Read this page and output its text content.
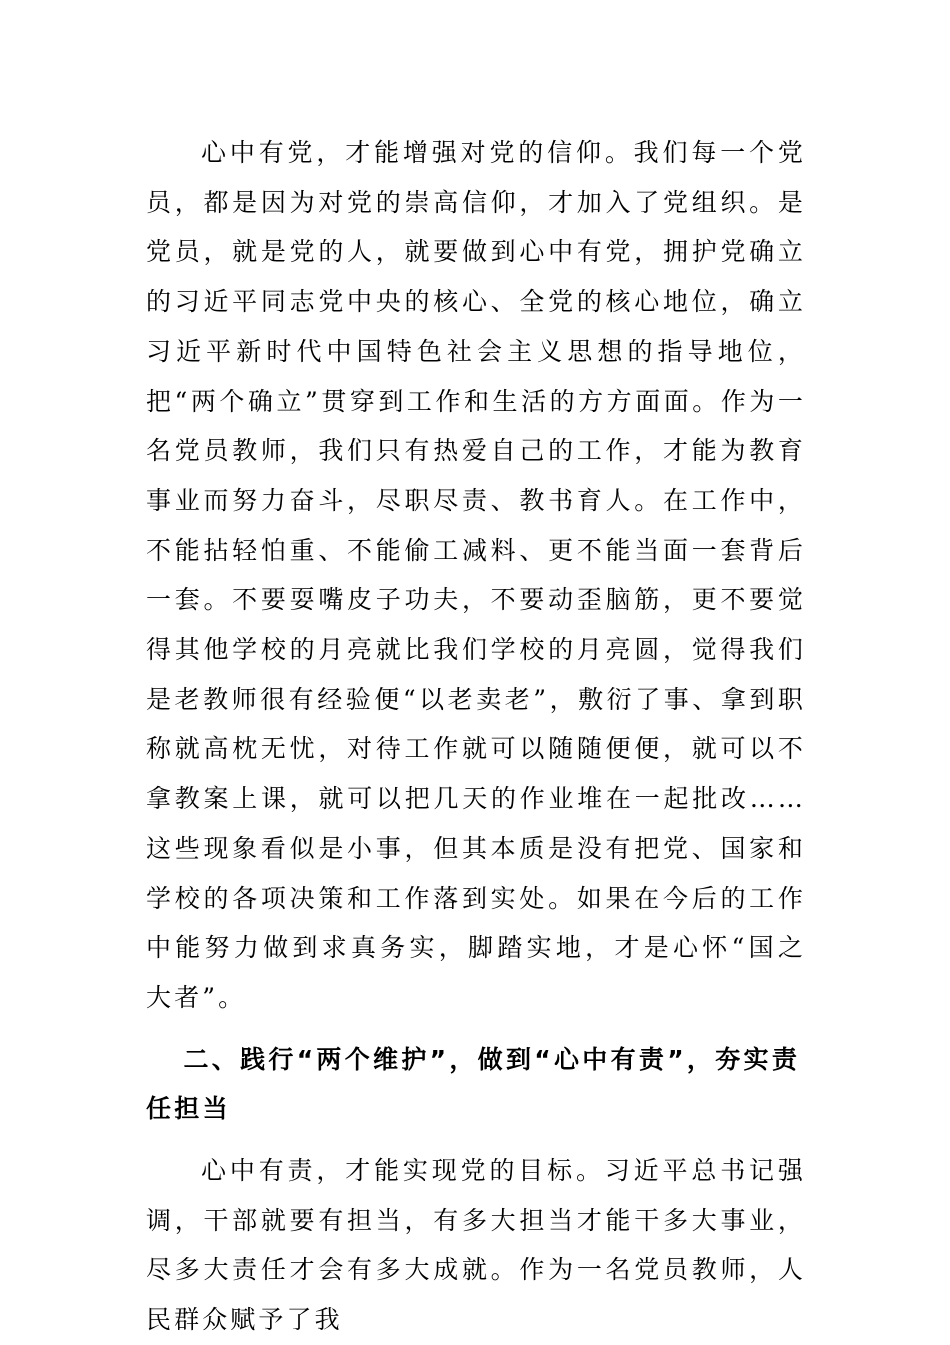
心中有党，才能增强对党的信仰。我们每一个党员，都是因为对党的崇高信仰，才加入了党组织。是党员，就是党的人，就要做到心中有党，拥护党确立的习近平同志党中央的核心、全党的核心地位，确立习近平新时代中国特色社会主义思想的指导地位，把“两个确立”贯穿到工作和生活的方方面面。作为一名党员教师，我们只有热爱自己的工作，才能为教育事业而努力奋斗，尽职尽责、教书育人。在工作中，不能拈轻怕重、不能偷工减料、更不能当面一套背后一套。不要耍嘴皮子功夫，不要动歪脑筋，更不要觉得其他学校的月亮就比我们学校的月亮圆，觉得我们是老教师很有经验便“以老卖老”，敷衍了事、拿到职称就高枕无忧，对待工作就可以随随便便，就可以不拿教案上课，就可以把几天的作业堆在一起批改……这些现象看似是小事，但其本质是没有把党、国家和学校的各项决策和工作落到实处。如果在今后的工作中能努力做到求真务实，脚踏实地，才是心怀“国之大者”。

二、践行“两个维护”，做到“心中有责”，夯实责任担当

心中有责，才能实现党的目标。习近平总书记强调，干部就要有担当，有多大担当才能干多大事业，尽多大责任才会有多大成就。作为一名党员教师，人民群众赋予了我
